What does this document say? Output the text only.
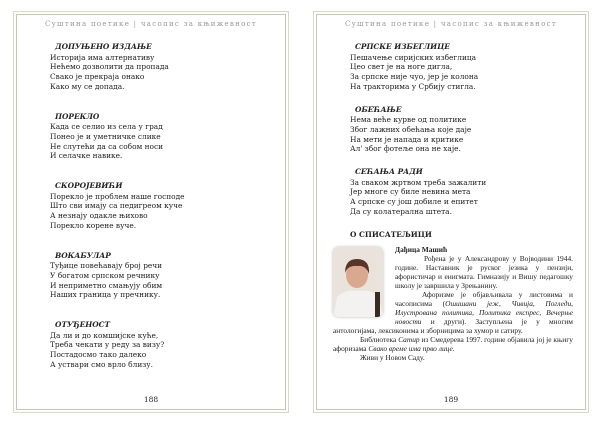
Суштина поетике | часопис за књижевност
ДОПУЊЕНО ИЗДАЊЕ
Историја има алтернативу
Нећемо дозволити да пропада
Свако је прекраја онако
Како му се допада.
ПОРЕКЛО
Када се селио из села у град
Понео је и уметничке слике
Не слутећи да са собом носи
И селачке навике.
СКОРОЈЕВИЋИ
Порекло је проблем наше господе
Што сви имају са педигреом куче
А незнају одакле њихово
Порекло корене вуче.
ВОКАБУЛАР
Туђице повећавају број речи
У богатом српском речнику
И неприметно смањују обим
Наших граница у пречнику.
ОТУЂЕНОСТ
Да ли и до комшијске куће,
Треба чекати у реду за визу?
Постадосмо тако далеко
А уствари смо врло близу.
188
Суштина поетике | часопис за књижевност
СРПСКЕ ИЗБЕГЛИЦЕ
Пешачење сиријских избеглица
Цео свет је на ноге дигла,
За српске није чуо, јер је колона
На тракторима у Србију стигла.
ОБЕЋАЊЕ
Нема веће курве од политике
Због лажних обећања које даје
На мети је напада и критике
Ал' због фотеље она не хаје.
СЕЋАЊА РАДИ
За сваком жртвом треба зажалити
Јер многе су биле невина мета
А српске су још добиле и епитет
Да су колатерална штета.
О СПИСАТЕЉИЦИ
Дађица Машић

Рођена је у Александрову у Војводини 1944. године. Наставник је руског језика у пензији, афористичар и енигмата. Гимназију и Вишу педагошку школу је завршила у Зрењанину.

Афоризме је објављивала у листовима и часописима (Ошишани јеж, Чивија, Погледи, Илустрована политика, Политика експрес, Вечерње новости и други). Заступљена је у многим антологијама, лексиконима и зборницима за хумор и сатиру.

Библиотека Сатир из Смедерева 1997. године објавила јој је књигу афоризама Свако време има прво лице.

Живи у Новом Саду.

189
